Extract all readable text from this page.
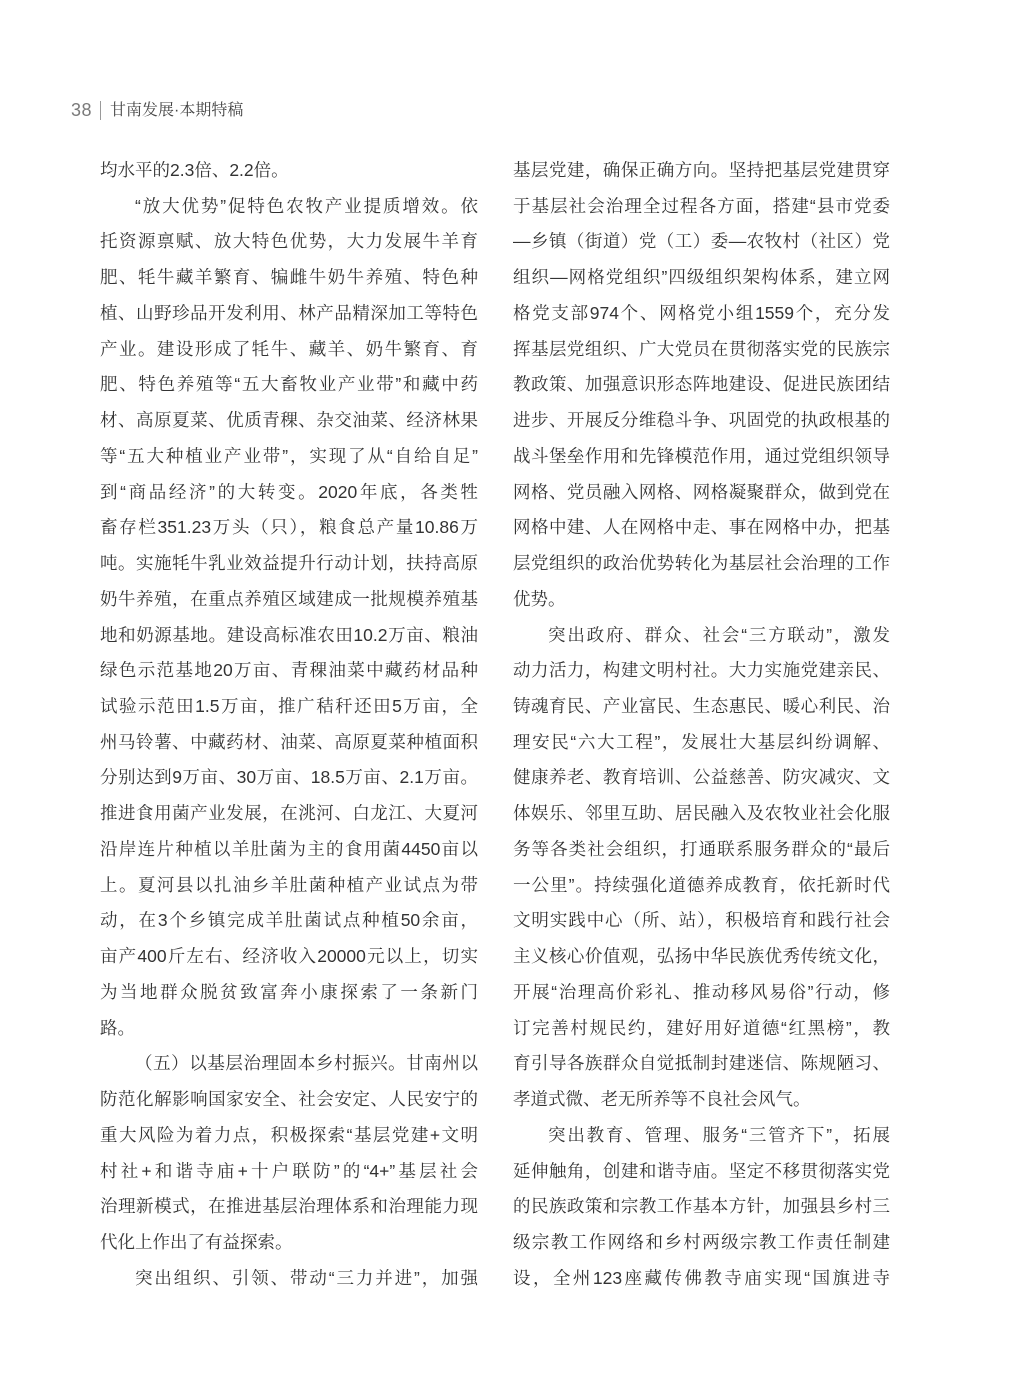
38 甘南发展·本期特稿
均水平的2.3倍、2.2倍。
“放大优势”促特色农牧产业提质增效。依
托资源禀赋、放大特色优势，大力发展牛羊育
肥、牦牛藏羊繁育、犏雌牛奶牛养殖、特色种
植、山野珍品开发利用、林产品精深加工等特色
产业。建设形成了牦牛、藏羊、奶牛繁育、育
肥、特色养殖等“五大畜牧业产业带”和藏中药
材、高原夏菜、优质青稞、杂交油菜、经济林果
等“五大种植业产业带”，实现了从“自给自足”
到“商品经济”的大转变。2020年底，各类牲
畜存栏351.23万头（只），粮食总产量10.86万
吨。实施牦牛乳业效益提升行动计划，扶持高原
奶牛养殖，在重点养殖区域建成一批规模养殖基
地和奶源基地。建设高标准农田10.2万亩、粮油
绿色示范基地20万亩、青稞油菜中藏药材品种
试验示范田1.5万亩，推广秸秆还田5万亩，全
州马铃薯、中藏药材、油菜、高原夏菜种植面积
分别达到9万亩、30万亩、18.5万亩、2.1万亩。
推进食用菌产业发展，在洮河、白龙江、大夏河
沿岸连片种植以羊肚菌为主的食用菌4450亩以
上。夏河县以扎油乡羊肚菌种植产业试点为带
动，在3个乡镇完成羊肚菌试点种植50余亩，
亩产400斤左右、经济收入20000元以上，切实
为当地群众脱贫致富奔小康探索了一条新门
路。
（五）以基层治理固本乡村振兴。甘南州以
防范化解影响国家安全、社会安定、人民安宁的
重大风险为着力点，积极探索“基层党建+文明
村社+和谐寺庙+十户联防”的“4+”基层社会
治理新模式，在推进基层治理体系和治理能力现
代化上作出了有益探索。
突出组织、引领、带动“三力并进”，加强
基层党建，确保正确方向。坚持把基层党建贯穿
于基层社会治理全过程各方面，搭建“县市党委
—乡镇（街道）党（工）委—农牧村（社区）党
组织—网格党组织”四级组织架构体系，建立网
格党支部974个、网格党小组1559个，充分发
挥基层党组织、广大党员在贯彻落实党的民族宗
教政策、加强意识形态阵地建设、促进民族团结
进步、开展反分维稳斗争、巩固党的执政根基的
战斗堡垒作用和先锋模范作用，通过党组织领导
网格、党员融入网格、网格凝聚群众，做到党在
网格中建、人在网格中走、事在网格中办，把基
层党组织的政治优势转化为基层社会治理的工作
优势。
突出政府、群众、社会“三方联动”，激发
动力活力，构建文明村社。大力实施党建亲民、
铸魂育民、产业富民、生态惠民、暖心利民、治
理安民“六大工程”，发展壮大基层纠纷调解、
健康养老、教育培训、公益慈善、防灾减灾、文
体娱乐、邻里互助、居民融入及农牧业社会化服
务等各类社会组织，打通联系服务群众的“最后
一公里”。持续强化道德养成教育，依托新时代
文明实践中心（所、站），积极培育和践行社会
主义核心价值观，弘扬中华民族优秀传统文化，
开展“治理高价彩礼、推动移风易俗”行动，修
订完善村规民约，建好用好道德“红黑榜”，教
育引导各族群众自觉抵制封建迷信、陈规陋习、
孝道式微、老无所养等不良社会风气。
突出教育、管理、服务“三管齐下”，拓展
延伸触角，创建和谐寺庙。坚定不移贯彻落实党
的民族政策和宗教工作基本方针，加强县乡村三
级宗教工作网络和乡村两级宗教工作责任制建
设，全州123座藏传佛教寺庙实现“国旗进寺
